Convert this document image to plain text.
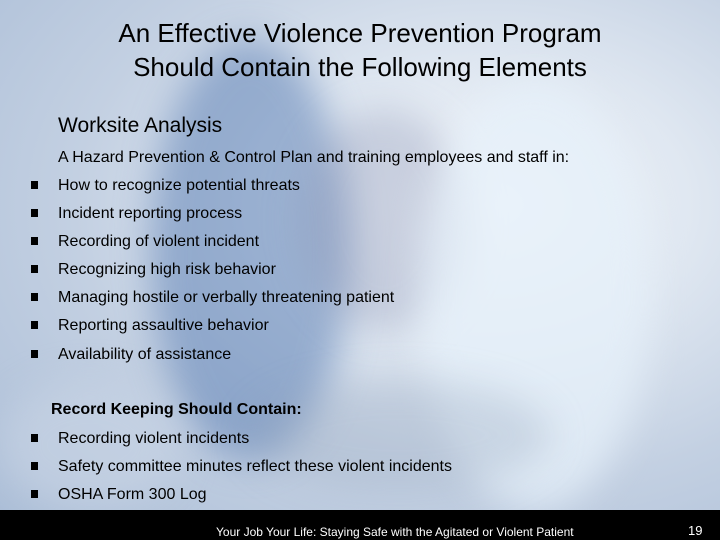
An Effective Violence Prevention Program
Should Contain the Following Elements
Worksite Analysis
A Hazard Prevention & Control Plan and training employees and staff in:
How to recognize potential threats
Incident reporting process
Recording of violent incident
Recognizing high risk behavior
Managing hostile or verbally threatening patient
Reporting assaultive behavior
Availability of assistance
Record Keeping Should Contain:
Recording violent incidents
Safety committee minutes reflect these violent incidents
OSHA Form 300 Log
Your Job Your Life: Staying Safe with the Agitated or Violent Patient	19
